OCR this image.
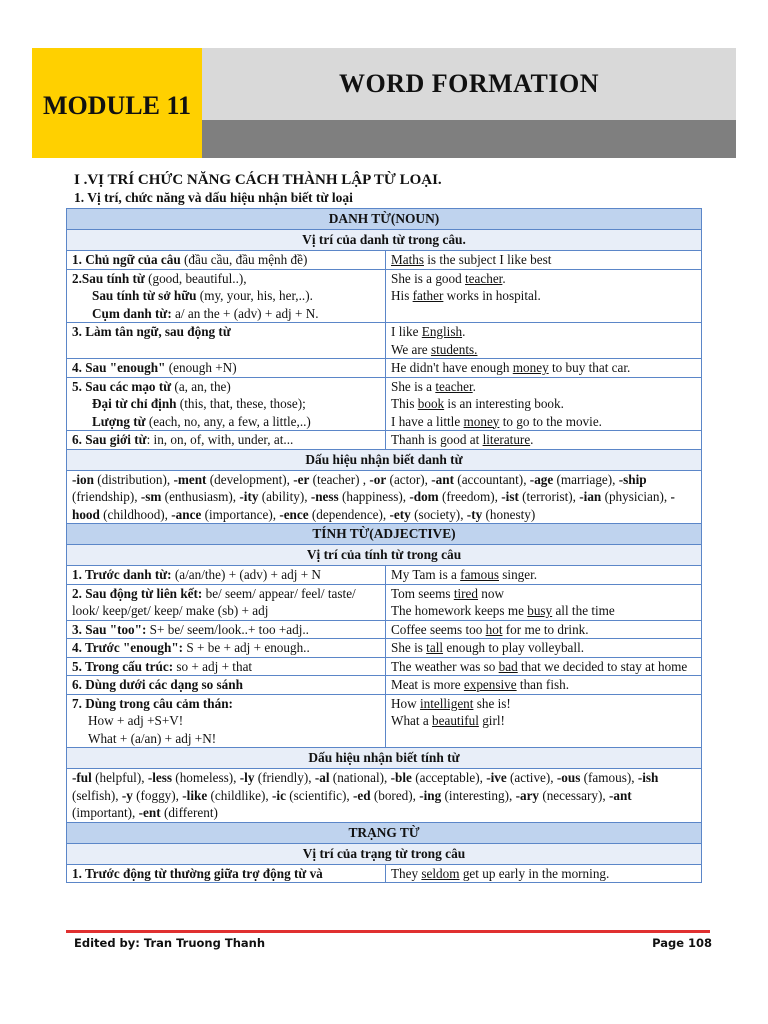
MODULE 11
WORD FORMATION
I .VỊ TRÍ CHỨC NĂNG CÁCH THÀNH LẬP TỪ LOẠI.
1. Vị trí, chức năng và dấu hiệu nhận biết từ loại
DANH TỪ(NOUN)	
Vị trí của danh từ trong câu.	
1. Chủ ngữ của câu (đầu cầu, đầu mệnh đề)	Maths is the subject I like best
2.Sau tính từ (good, beautiful..),
Sau tính từ sở hữu (my, your, his, her,..).
Cụm danh từ: a/ an the + (adv) + adj + N.	She is a good teacher.
His father works in hospital.
3. Làm tân ngữ, sau động từ	I like English.
We are students.
4. Sau "enough" (enough +N)	He didn't have enough money to buy that car.
5. Sau các mạo từ (a, an, the)
Đại từ chỉ định (this, that, these, those);
Lượng từ (each, no, any, a few, a little,..)	She is a teacher.
This book is an interesting book.
I have a little money to go to the movie.
6. Sau giới từ: in, on, of, with, under, at...	Thanh is good at literature.
Dấu hiệu nhận biết danh từ	
-ion (distribution), -ment (development), -er (teacher) , -or (actor), -ant (accountant), -age (marriage), -ship (friendship), -sm (enthusiasm), -ity (ability), -ness (happiness), -dom (freedom), -ist (terrorist), -ian (physician), -hood (childhood), -ance (importance), -ence (dependence), -ety (society), -ty (honesty)	
TÍNH TỪ(ADJECTIVE)	
Vị trí của tính từ trong câu	
1. Trước danh từ: (a/an/the) + (adv) + adj + N	My Tam is a famous singer.
2. Sau động từ liên kết: be/ seem/ appear/ feel/ taste/ look/ keep/get/ keep/ make (sb) + adj	Tom seems tired now
The homework keeps me busy all the time
3. Sau "too": S+ be/ seem/look..+ too +adj..	Coffee seems too hot for me to drink.
4. Trước "enough": S + be + adj + enough..	She is tall enough to play volleyball.
5. Trong cấu trúc: so + adj + that	The weather was so bad that we decided to stay at home
6. Dùng dưới các dạng so sánh	Meat is more expensive than fish.
7. Dùng trong câu cảm thán:
How + adj +S+V!
What + (a/an) + adj +N!	How intelligent she is!
What a beautiful girl!
Dấu hiệu nhận biết tính từ	
-ful (helpful), -less (homeless), -ly (friendly), -al (national), -ble (acceptable), -ive (active), -ous (famous), -ish (selfish), -y (foggy), -like (childlike), -ic (scientific), -ed (bored), -ing (interesting), -ary (necessary), -ant (important), -ent (different)	
TRẠNG TỪ	
Vị trí của trạng từ trong câu	
1. Trước động từ thường giữa trợ động từ và	They seldom get up early in the morning.
Edited by: Tran Truong Thanh	Page 108
